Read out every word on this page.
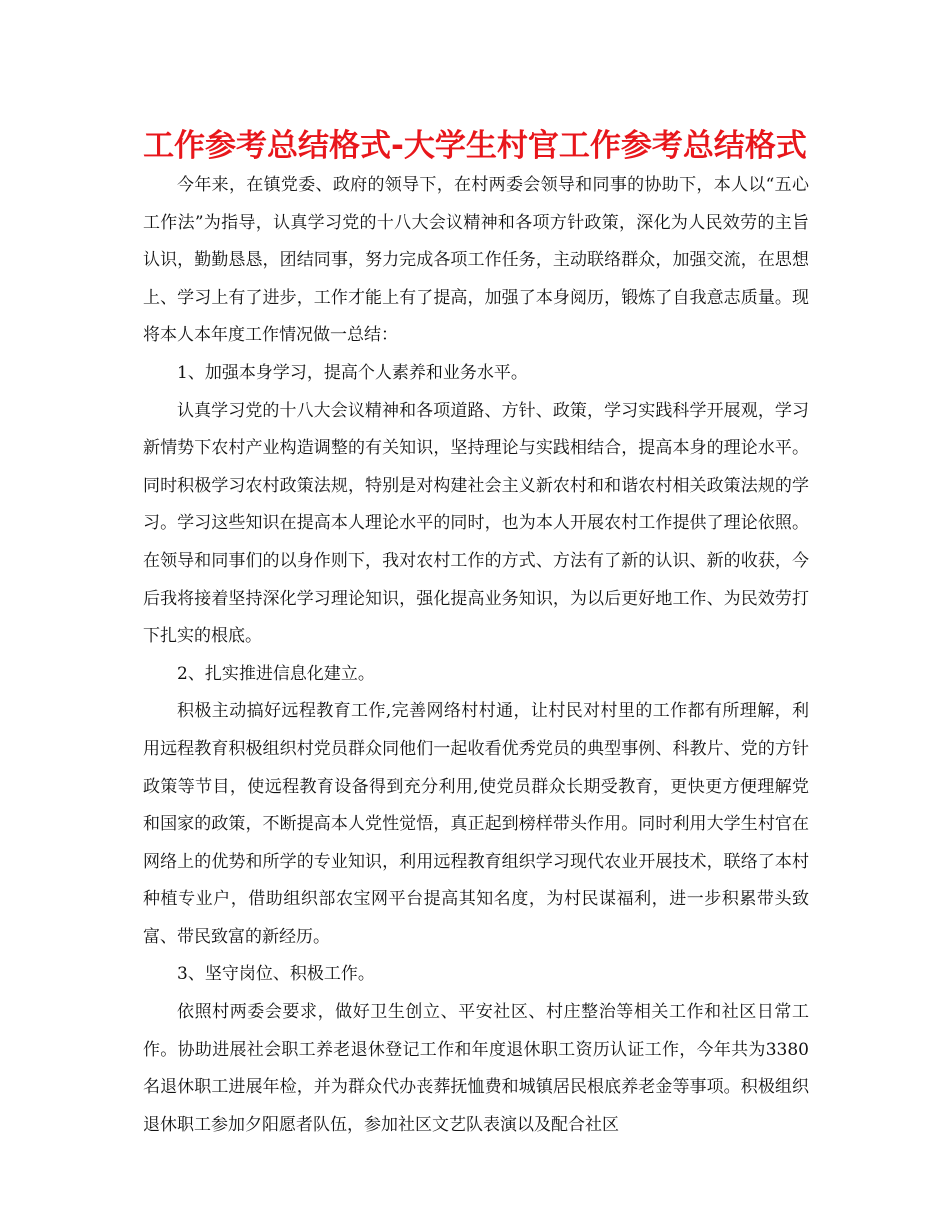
工作参考总结格式-大学生村官工作参考总结格式

今年来，在镇党委、政府的领导下，在村两委会领导和同事的协助下，本人以“五心工作法”为指导，认真学习党的十八大会议精神和各项方针政策，深化为人民效劳的主旨认识，勤勤恳恳，团结同事，努力完成各项工作任务，主动联络群众，加强交流，在思想上、学习上有了进步，工作才能上有了提高，加强了本身阅历，锻炼了自我意志质量。现将本人本年度工作情况做一总结：

1、加强本身学习，提高个人素养和业务水平。

认真学习党的十八大会议精神和各项道路、方针、政策，学习实践科学开展观，学习新情势下农村产业构造调整的有关知识，坚持理论与实践相结合，提高本身的理论水平。同时积极学习农村政策法规，特别是对构建社会主义新农村和和谐农村相关政策法规的学习。学习这些知识在提高本人理论水平的同时，也为本人开展农村工作提供了理论依照。在领导和同事们的以身作则下，我对农村工作的方式、方法有了新的认识、新的收获，今后我将接着坚持深化学习理论知识，强化提高业务知识，为以后更好地工作、为民效劳打下扎实的根底。

2、扎实推进信息化建立。

积极主动搞好远程教育工作,完善网络村村通，让村民对村里的工作都有所理解，利用远程教育积极组织村党员群众同他们一起收看优秀党员的典型事例、科教片、党的方针政策等节目，使远程教育设备得到充分利用,使党员群众长期受教育，更快更方便理解党和国家的政策，不断提高本人党性觉悟，真正起到榜样带头作用。同时利用大学生村官在网络上的优势和所学的专业知识，利用远程教育组织学习现代农业开展技术，联络了本村种植专业户，借助组织部农宝网平台提高其知名度，为村民谋福利，进一步积累带头致富、带民致富的新经历。

3、坚守岗位、积极工作。

依照村两委会要求，做好卫生创立、平安社区、村庄整治等相关工作和社区日常工作。协助进展社会职工养老退休登记工作和年度退休职工资历认证工作，今年共为3380名退休职工进展年检，并为群众代办丧葬抚恤费和城镇居民根底养老金等事项。积极组织退休职工参加夕阳愿者队伍，参加社区文艺队表演以及配合社区
